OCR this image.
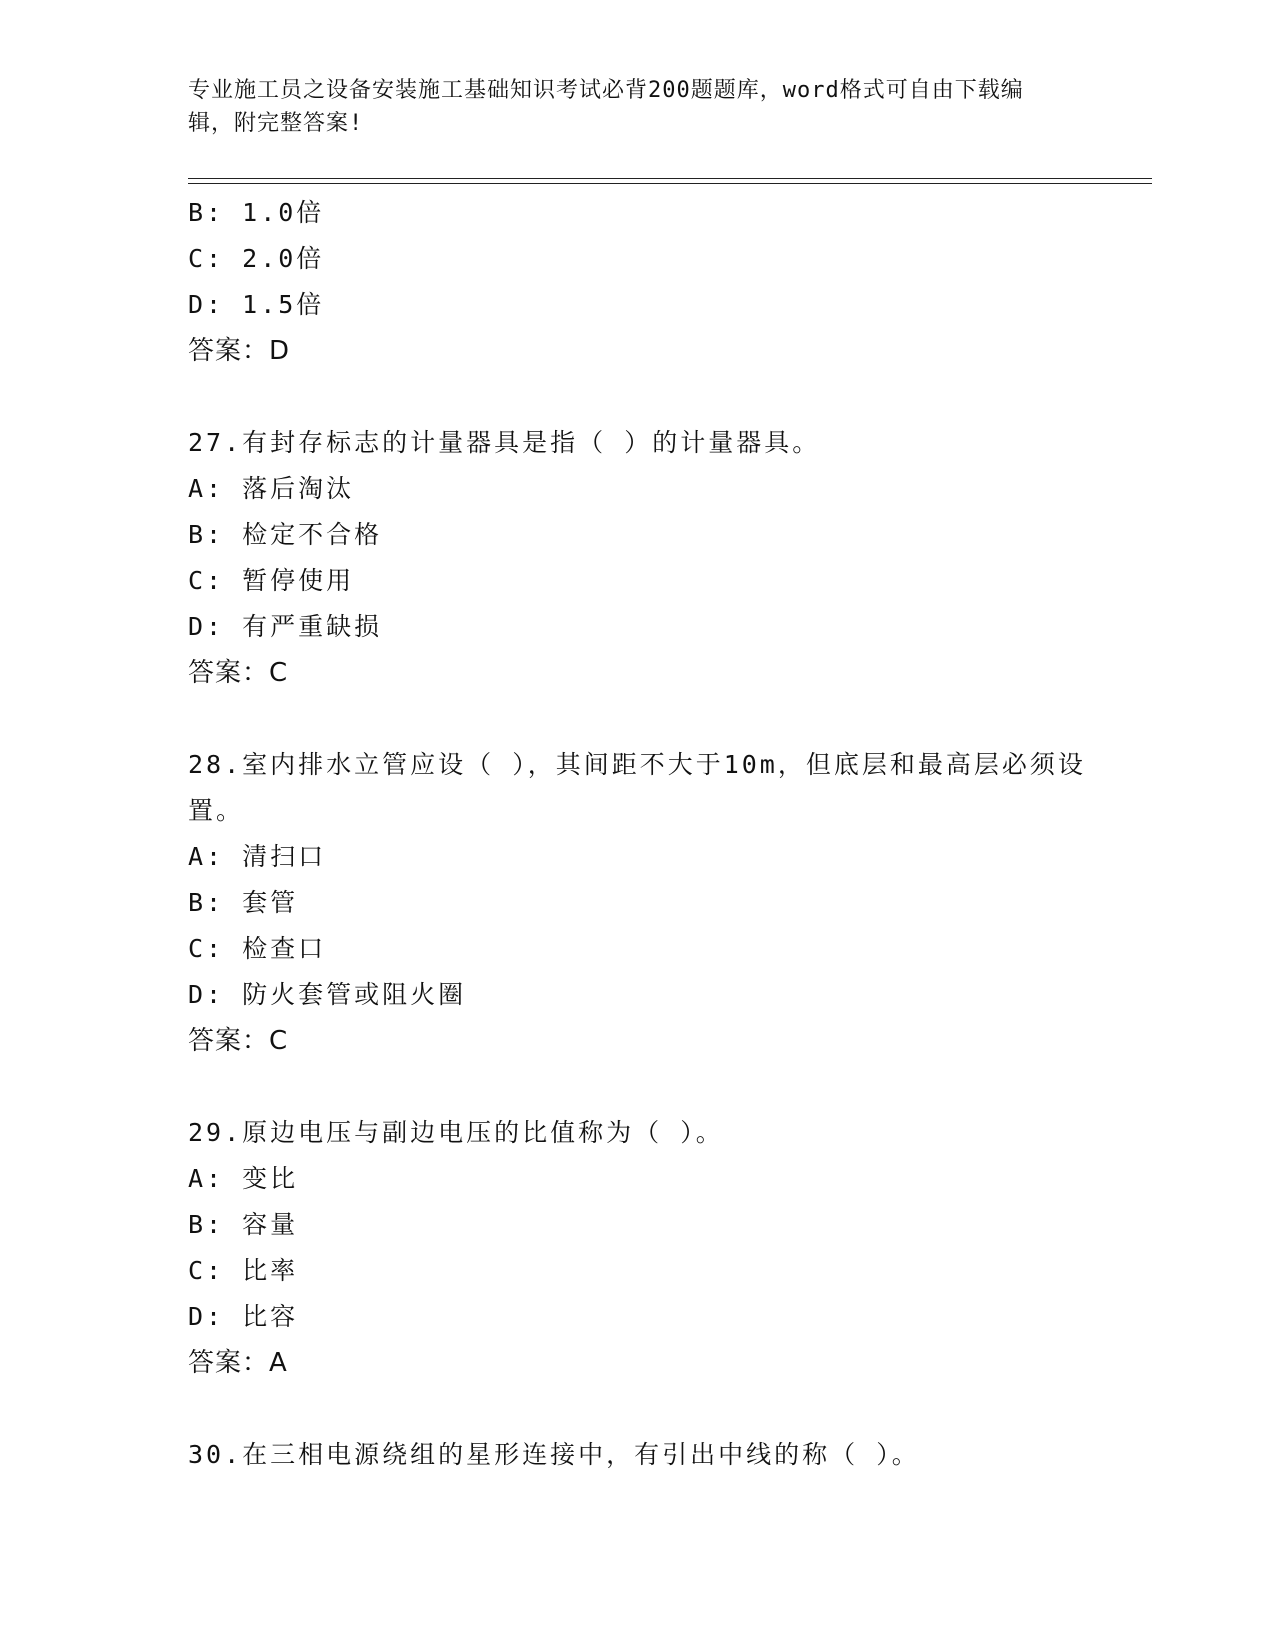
专业施工员之设备安装施工基础知识考试必背200题题库，word格式可自由下载编辑，附完整答案!
B: 1.0倍
C: 2.0倍
D: 1.5倍
答案：D
27.有封存标志的计量器具是指（ ）的计量器具。
A: 落后淘汰
B: 检定不合格
C: 暂停使用
D: 有严重缺损
答案：C
28.室内排水立管应设（ ），其间距不大于10m，但底层和最高层必须设置。
A: 清扫口
B: 套管
C: 检查口
D: 防火套管或阻火圈
答案：C
29.原边电压与副边电压的比值称为（ ）。
A: 变比
B: 容量
C: 比率
D: 比容
答案：A
30.在三相电源绕组的星形连接中，有引出中线的称（ ）。
